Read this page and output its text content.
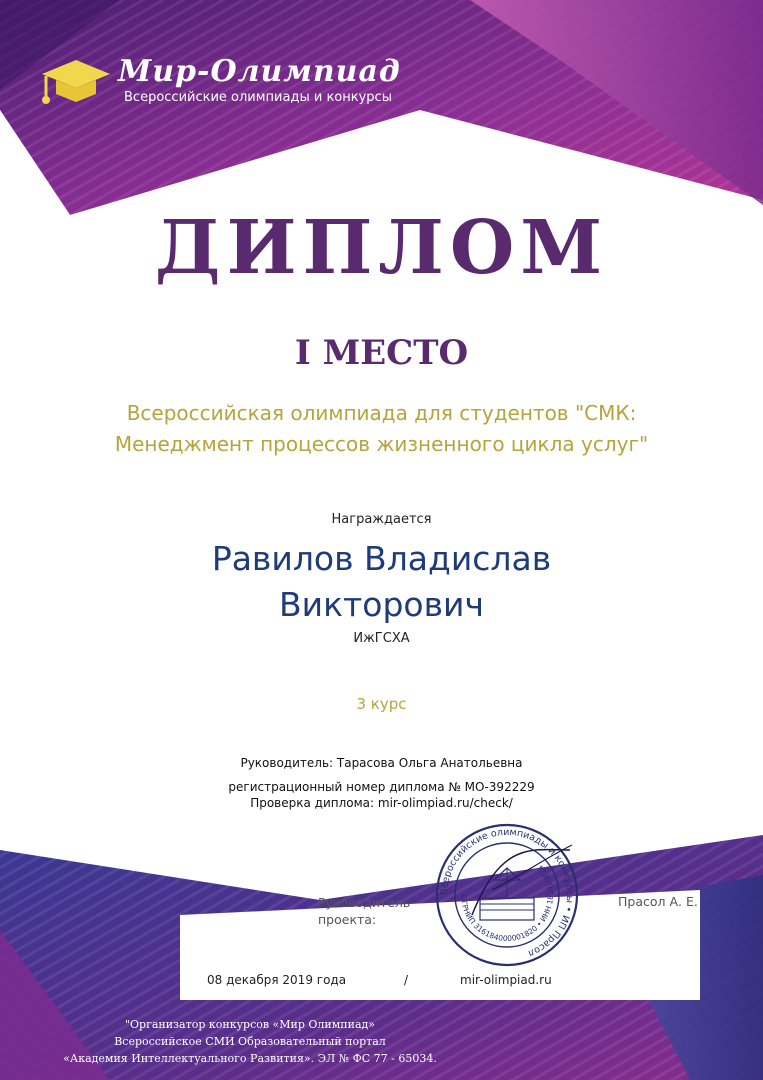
Мир-Олимпиад
Всероссийские олимпиады и конкурсы
ДИПЛОМ
I МЕСТО
Всероссийская олимпиада для студентов "СМК:
Менеджмент процессов жизненного цикла услуг"
Награждается
Равилов Владислав
Викторович
ИжГСХА
3 курс
Руководитель: Тарасова Ольга Анатольевна
регистрационный номер диплома № МО-392229
Проверка диплома: mir-olimpiad.ru/check/
Всероссийские олимпиады и конкурсы • ИП Прасол
ОГРНИП 316184000001820 • ИНН 183410814
Руководитель
проекта:
Прасол А. Е.
08 декабря 2019 года	/	mir-olimpiad.ru
"Организатор конкурсов «Мир Олимпиад»
Всероссийское СМИ Образовательный портал
«Академия Интеллектуального Развития». ЭЛ № ФС 77 - 65034.
